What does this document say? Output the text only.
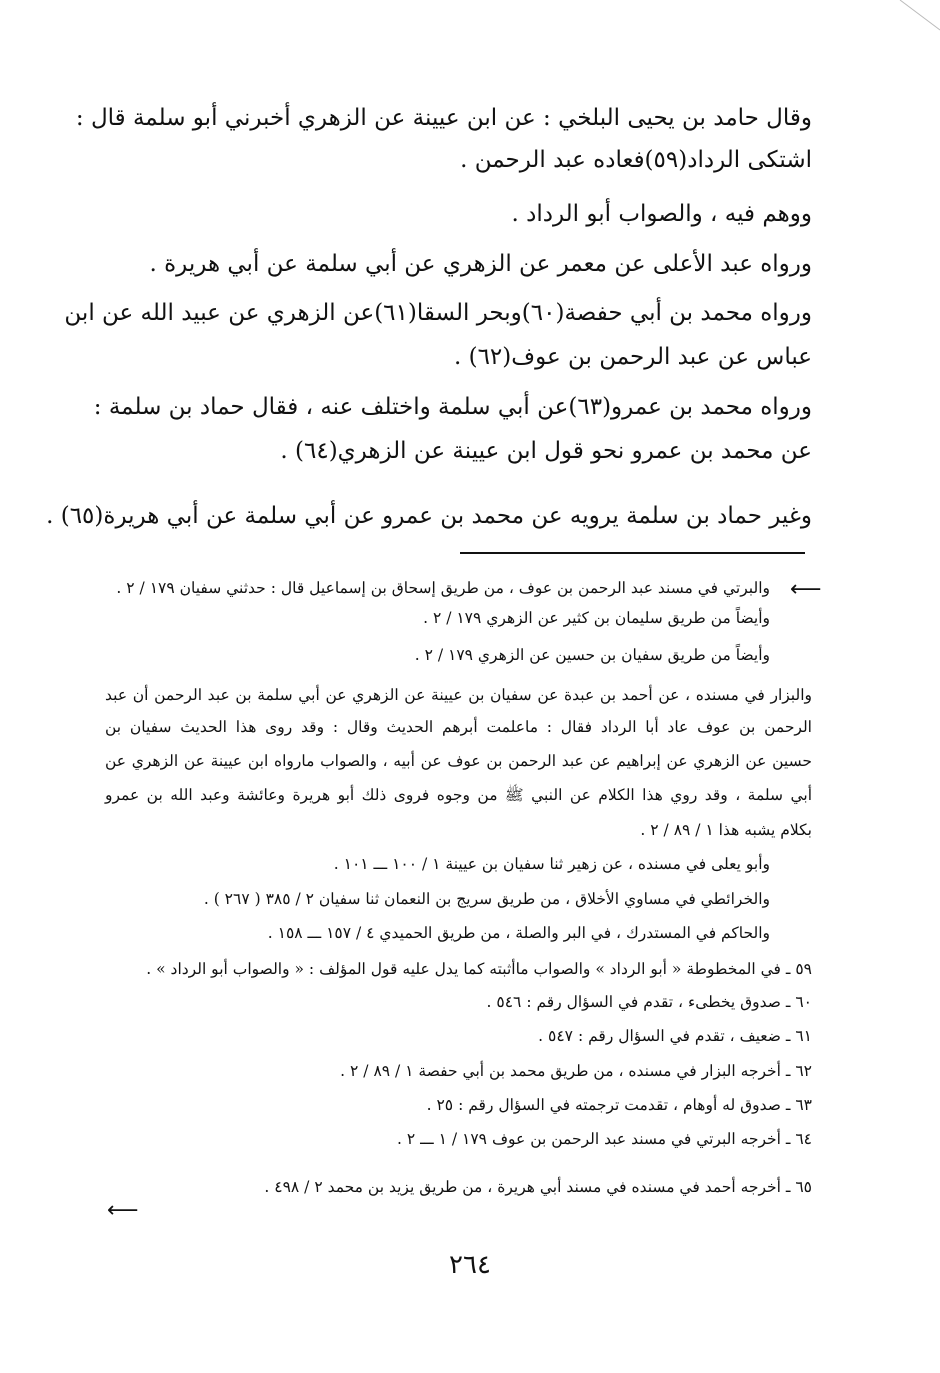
وقال حامد بن يحيى البلخي : عن ابن عيينة عن الزهري أخبرني أبو سلمة قال :
اشتكى الرداد(٥٩)فعاده عبد الرحمن .
ووهم فيه ، والصواب أبو الرداد .
ورواه عبد الأعلى عن معمر عن الزهري عن أبي سلمة عن أبي هريرة .
ورواه محمد بن أبي حفصة(٦٠)وبحر السقا(٦١)عن الزهري عن عبيد الله عن ابن
عباس عن عبد الرحمن بن عوف(٦٢) .
ورواه محمد بن عمرو(٦٣)عن أبي سلمة واختلف عنه ، فقال حماد بن سلمة :
عن محمد بن عمرو نحو قول ابن عيينة عن الزهري(٦٤) .
وغير حماد بن سلمة يرويه عن محمد بن عمرو عن أبي سلمة عن أبي هريرة(٦٥) .
⟵
والبرتي في مسند عبد الرحمن بن عوف ، من طريق إسحاق بن إسماعيل قال : حدثني سفيان ١٧٩ / ٢ .
وأيضاً من طريق سليمان بن كثير عن الزهري ١٧٩ / ٢ .
وأيضاً من طريق سفيان بن حسين عن الزهري ١٧٩ / ٢ .
والبزار في مسنده ، عن أحمد بن عبدة عن سفيان بن عيينة عن الزهري عن أبي سلمة بن عبد الرحمن أن عبد
الرحمن بن عوف عاد أبا الرداد فقال : ماعلمت أبرهم الحديث وقال : وقد روى هذا الحديث سفيان بن
حسين عن الزهري عن إبراهيم عن عبد الرحمن بن عوف عن أبيه ، والصواب مارواه ابن عيينة عن الزهري عن
أبي سلمة ، وقد روي هذا الكلام عن النبي ﷺ من وجوه فروى ذلك أبو هريرة وعائشة وعبد الله بن عمرو
بكلام يشبه هذا ١ / ٨٩ / ٢ .
وأبو يعلى في مسنده ، عن زهير ثنا سفيان بن عيينة ١ / ١٠٠ ـــ ١٠١ .
والخرائطي في مساوي الأخلاق ، من طريق سريج بن النعمان ثنا سفيان ٢ / ٣٨٥ ( ٢٦٧ ) .
والحاكم في المستدرك ، في البر والصلة ، من طريق الحميدي ٤ / ١٥٧ ـــ ١٥٨ .
٥٩ ـ في المخطوطة « أبو الرداد » والصواب ماأثبته كما يدل عليه قول المؤلف : « والصواب أبو الرداد » .
٦٠ ـ صدوق يخطىء ، تقدم في السؤال رقم : ٥٤٦ .
٦١ ـ ضعيف ، تقدم في السؤال رقم : ٥٤٧ .
٦٢ ـ أخرجه البزار في مسنده ، من طريق محمد بن أبي حفصة ١ / ٨٩ / ٢ .
٦٣ ـ صدوق له أوهام ، تقدمت ترجمته في السؤال رقم : ٢٥ .
٦٤ ـ أخرجه البرتي في مسند عبد الرحمن بن عوف ١٧٩ / ١ ـــ ٢ .
٦٥ ـ أخرجه أحمد في مسنده في مسند أبي هريرة ، من طريق يزيد بن محمد ٢ / ٤٩٨ .
⟵
٢٦٤
